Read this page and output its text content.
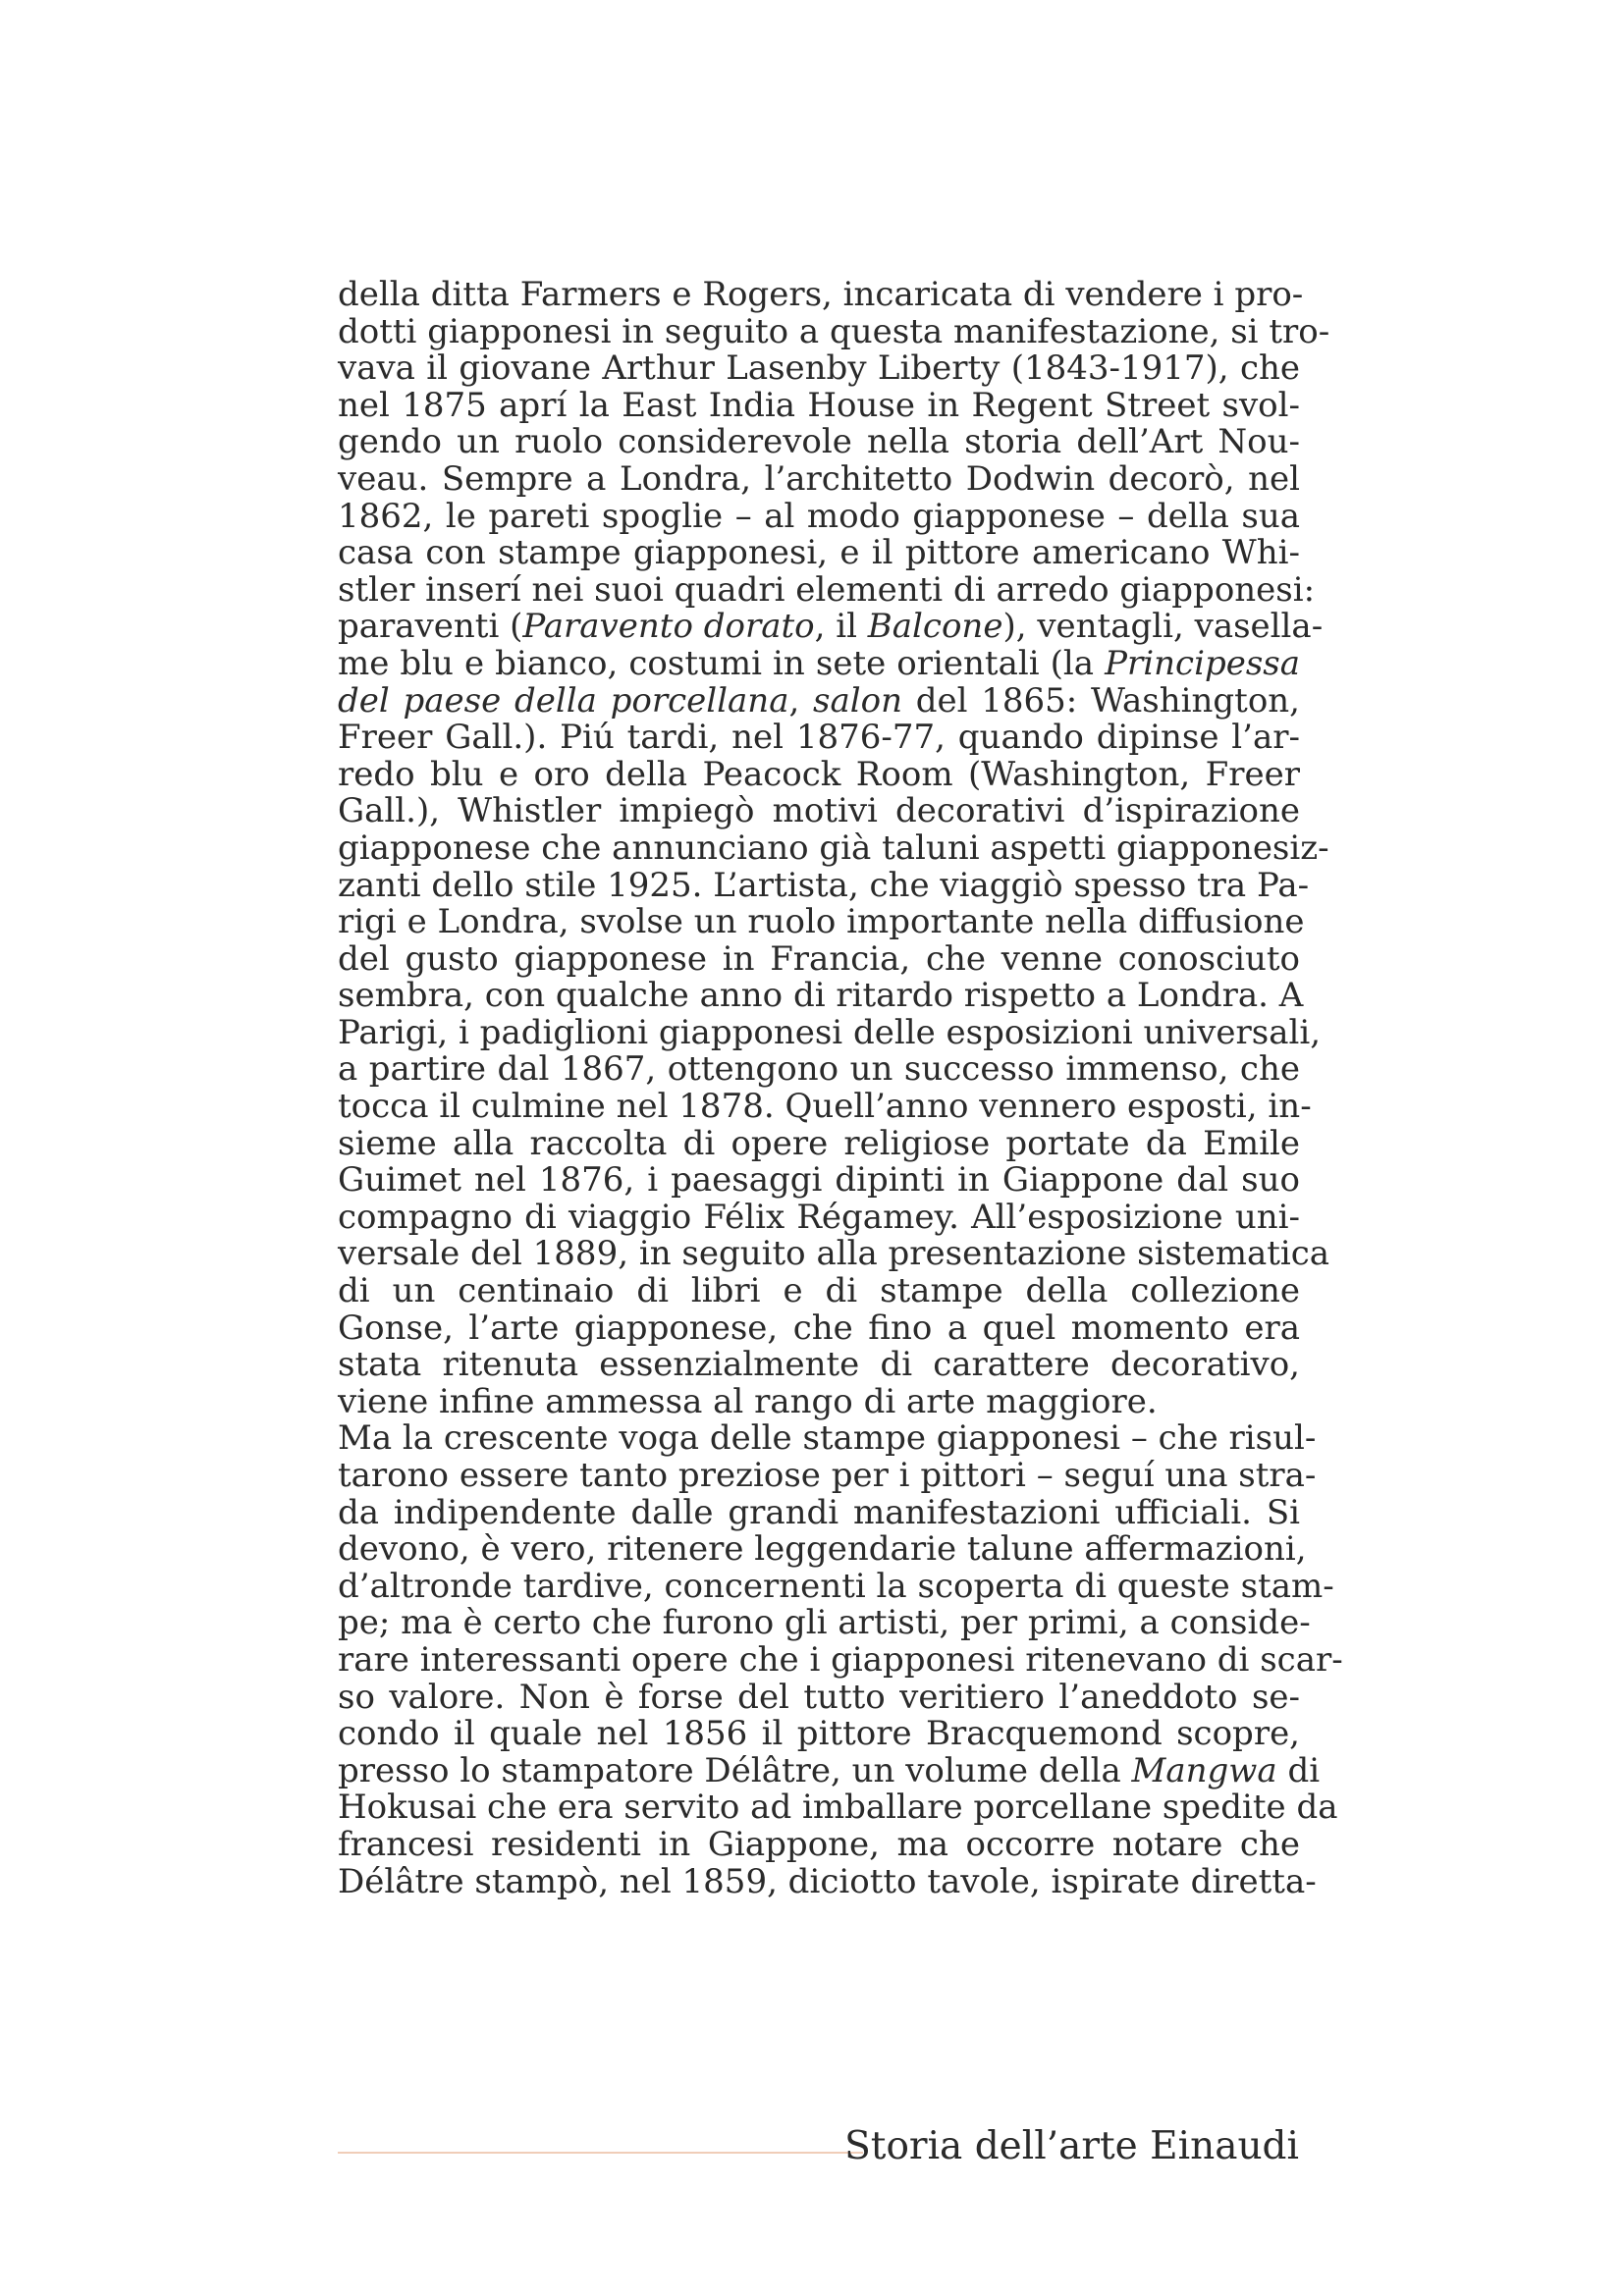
della ditta Farmers e Rogers, incaricata di vendere i pro-
dotti giapponesi in seguito a questa manifestazione, si tro-
vava il giovane Arthur Lasenby Liberty (1843-1917), che
nel 1875 aprí la East India House in Regent Street svol-
gendo un ruolo considerevole nella storia dell’Art Nou-
veau. Sempre a Londra, l’architetto Dodwin decorò, nel
1862, le pareti spoglie – al modo giapponese – della sua
casa con stampe giapponesi, e il pittore americano Whi-
stler inserí nei suoi quadri elementi di arredo giapponesi:
paraventi (Paravento dorato, il Balcone), ventagli, vasella-
me blu e bianco, costumi in sete orientali (la Principessa
del paese della porcellana, salon del 1865: Washington,
Freer Gall.). Piú tardi, nel 1876-77, quando dipinse l’ar-
redo blu e oro della Peacock Room (Washington, Freer
Gall.), Whistler impiegò motivi decorativi d’ispirazione
giapponese che annunciano già taluni aspetti giapponesiz-
zanti dello stile 1925. L’artista, che viaggiò spesso tra Pa-
rigi e Londra, svolse un ruolo importante nella diffusione
del gusto giapponese in Francia, che venne conosciuto
sembra, con qualche anno di ritardo rispetto a Londra. A
Parigi, i padiglioni giapponesi delle esposizioni universali,
a partire dal 1867, ottengono un successo immenso, che
tocca il culmine nel 1878. Quell’anno vennero esposti, in-
sieme alla raccolta di opere religiose portate da Emile
Guimet nel 1876, i paesaggi dipinti in Giappone dal suo
compagno di viaggio Félix Régamey. All’esposizione uni-
versale del 1889, in seguito alla presentazione sistematica
di un centinaio di libri e di stampe della collezione
Gonse, l’arte giapponese, che fino a quel momento era
stata ritenuta essenzialmente di carattere decorativo,
viene infine ammessa al rango di arte maggiore.
Ma la crescente voga delle stampe giapponesi – che risul-
tarono essere tanto preziose per i pittori – seguí una stra-
da indipendente dalle grandi manifestazioni ufficiali. Si
devono, è vero, ritenere leggendarie talune affermazioni,
d’altronde tardive, concernenti la scoperta di queste stam-
pe; ma è certo che furono gli artisti, per primi, a conside-
rare interessanti opere che i giapponesi ritenevano di scar-
so valore. Non è forse del tutto veritiero l’aneddoto se-
condo il quale nel 1856 il pittore Bracquemond scopre,
presso lo stampatore Délâtre, un volume della Mangwa di
Hokusai che era servito ad imballare porcellane spedite da
francesi residenti in Giappone, ma occorre notare che
Délâtre stampò, nel 1859, diciotto tavole, ispirate diretta-
Storia dell’arte Einaudi
